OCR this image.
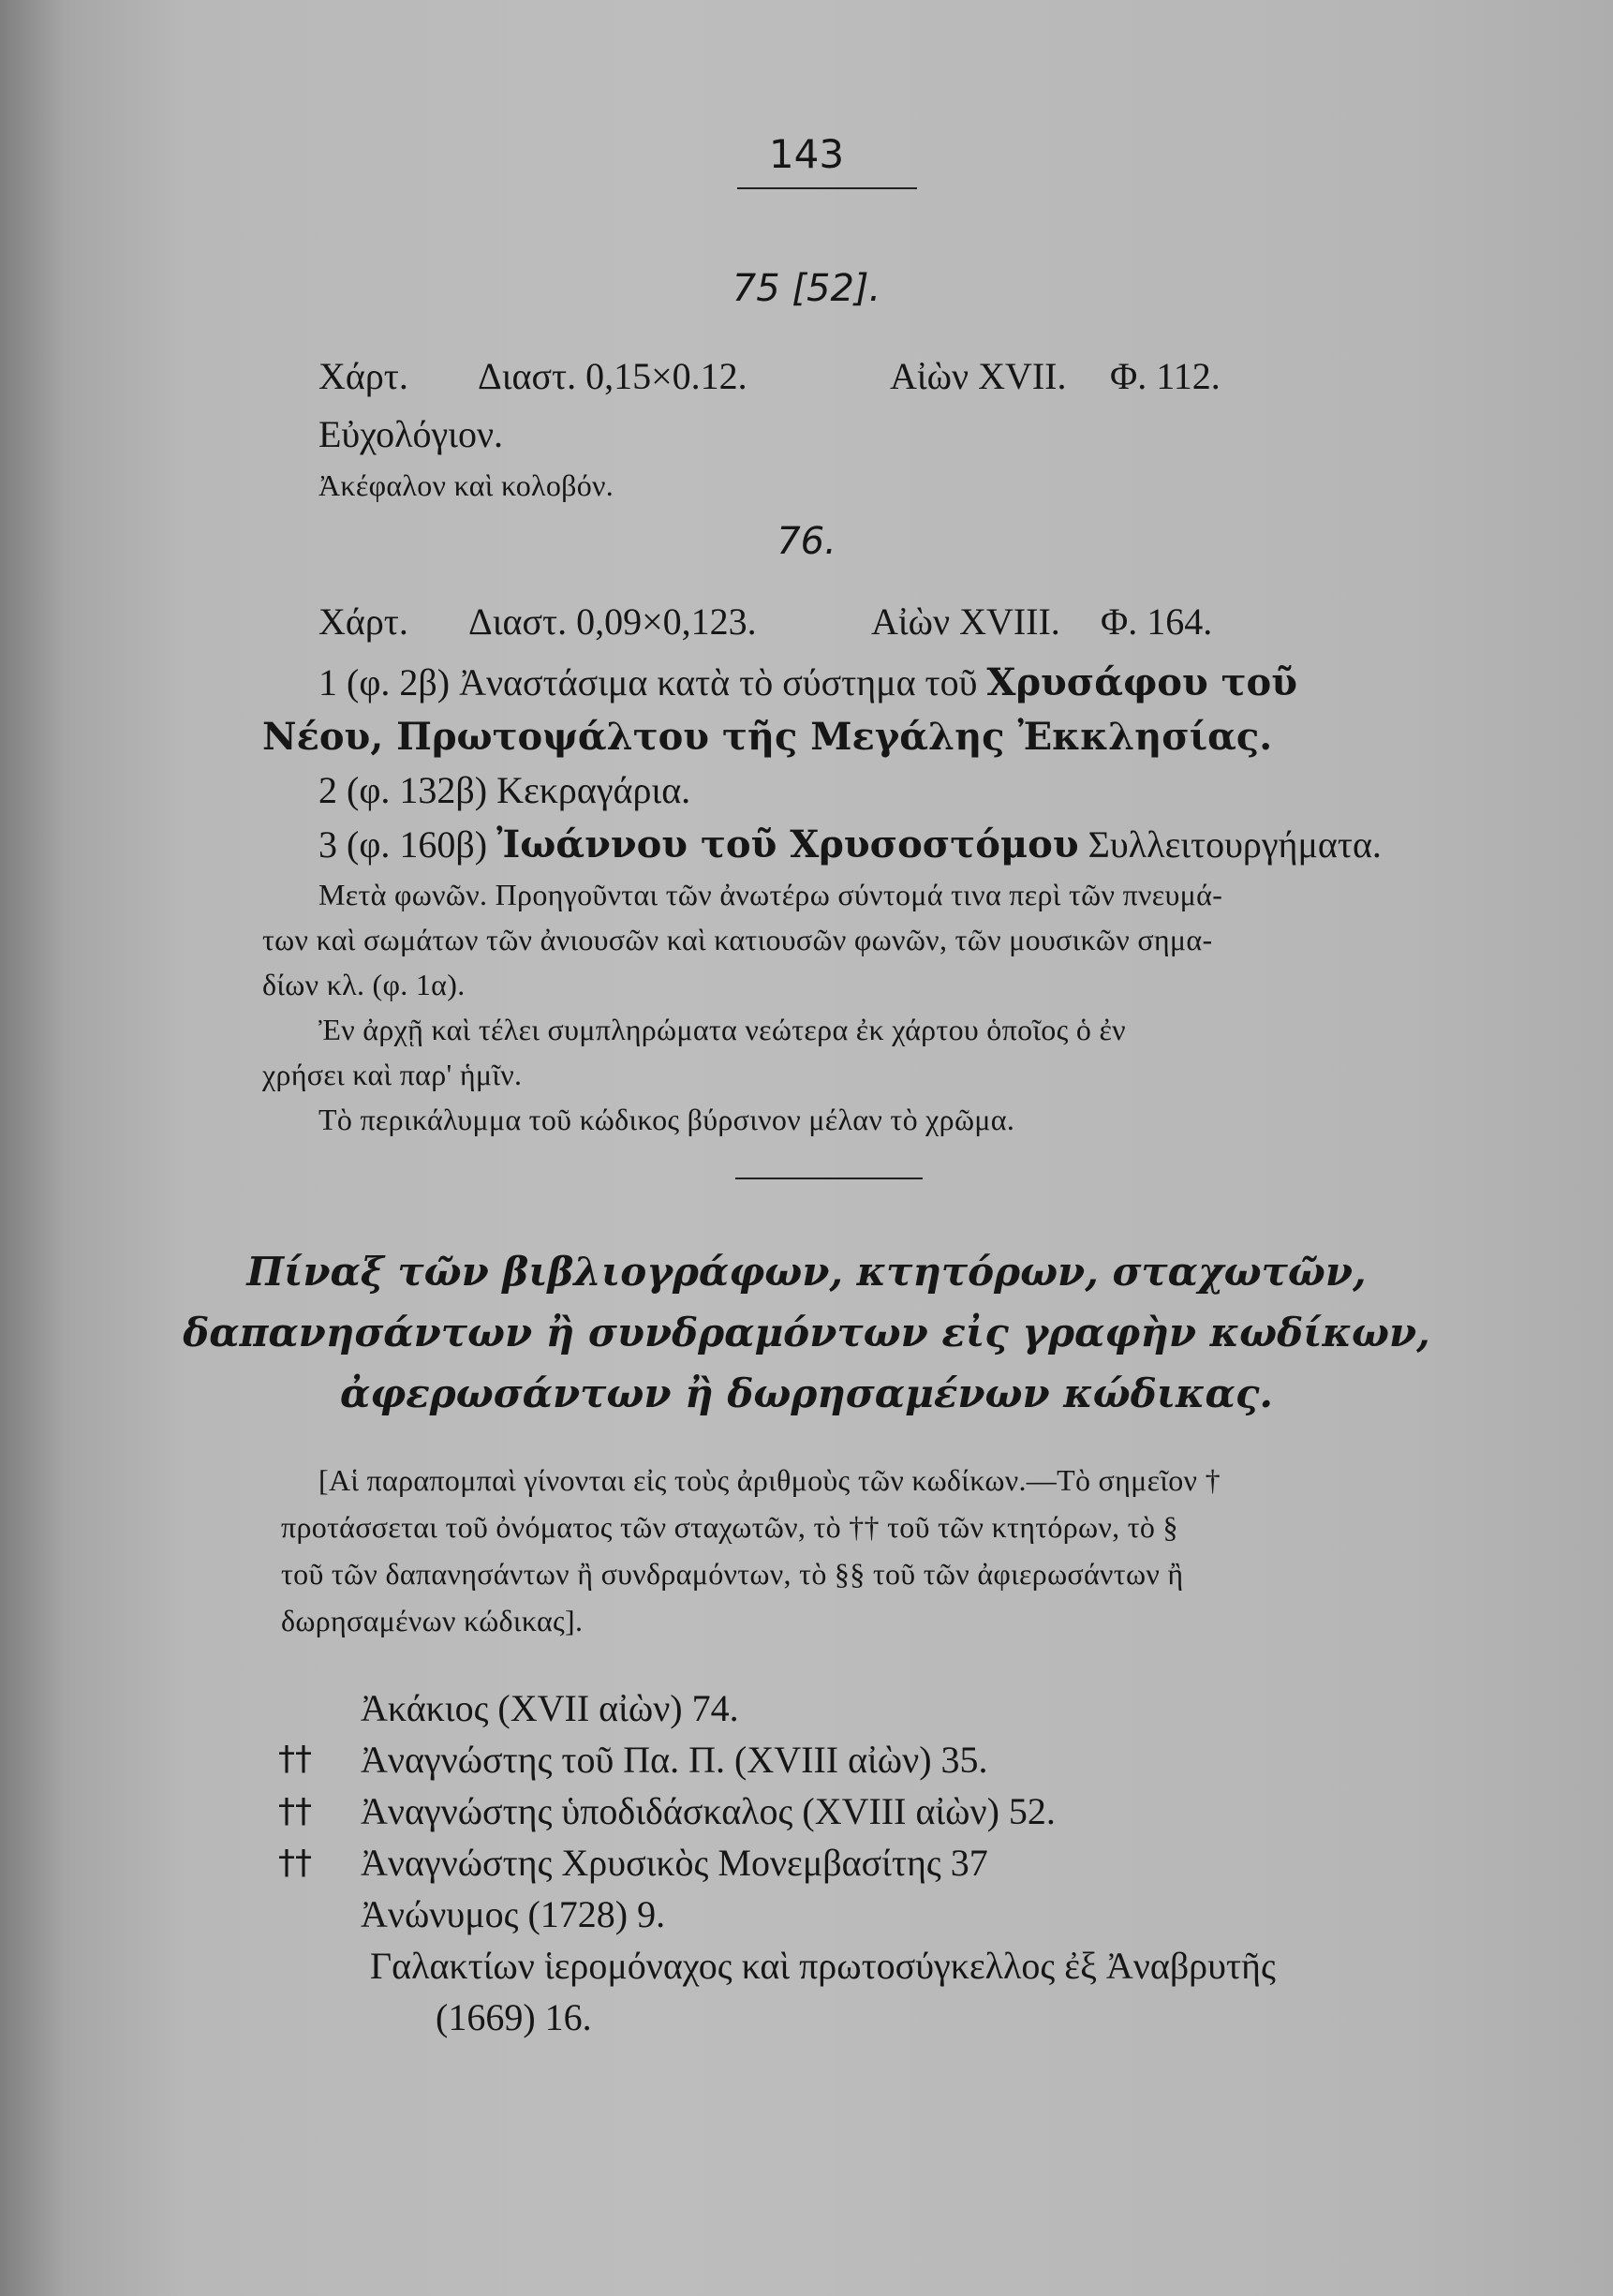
143
75 [52].
Χάρτ. Διαστ. 0,15×0.12.	Αἰὼν XVII. Φ. 112.
Εὐχολόγιον.
Ἀκέφαλον καὶ κολοβόν.
76.
Χάρτ. Διαστ. 0,09×0,123.	Αἰὼν XVIII. Φ. 164.
1 (φ. 2β) Ἀναστάσιμα κατὰ τὸ σύστημα τοῦ Χρυσάφου τοῦ
Νέου, Πρωτοψάλτου τῆς Μεγάλης Ἐκκλησίας.
2 (φ. 132β) Κεκραγάρια.
3 (φ. 160β) Ἰωάννου τοῦ Χρυσοστόμου Συλλειτουργήματα.
Μετὰ φωνῶν. Προηγοῦνται τῶν ἀνωτέρω σύντομά τινα περὶ τῶν πνευμά-
των καὶ σωμάτων τῶν ἀνιουσῶν καὶ κατιουσῶν φωνῶν, τῶν μουσικῶν σημα-
δίων κλ. (φ. 1α).
Ἐν ἀρχῇ καὶ τέλει συμπληρώματα νεώτερα ἐκ χάρτου ὁποῖος ὁ ἐν
χρήσει καὶ παρ' ἡμῖν.
Τὸ περικάλυμμα τοῦ κώδικος βύρσινον μέλαν τὸ χρῶμα.
Πίναξ τῶν βιβλιογράφων, κτητόρων, σταχωτῶν,
δαπανησάντων ἢ συνδραμόντων εἰς γραφὴν κωδίκων,
ἀφερωσάντων ἢ δωρησαμένων κώδικας.
[Αἱ παραπομπαὶ γίνονται εἰς τοὺς ἀριθμοὺς τῶν κωδίκων.—Τὸ σημεῖον †
προτάσσεται τοῦ ὀνόματος τῶν σταχωτῶν, τὸ †† τοῦ τῶν κτητόρων, τὸ §
τοῦ τῶν δαπανησάντων ἢ συνδραμόντων, τὸ §§ τοῦ τῶν ἀφιερωσάντων ἢ
δωρησαμένων κώδικας].
Ἀκάκιος (XVII αἰὼν) 74.
†† Ἀναγνώστης τοῦ Πα. Π. (XVIII αἰὼν) 35.
†† Ἀναγνώστης ὑποδιδάσκαλος (XVIII αἰὼν) 52.
†† Ἀναγνώστης Χρυσικὸς Μονεμβασίτης 37
Ἀνώνυμος (1728) 9.
Γαλακτίων ἱερομόναχος καὶ πρωτοσύγκελλος ἐξ Ἀναβρυτῆς
(1669) 16.
